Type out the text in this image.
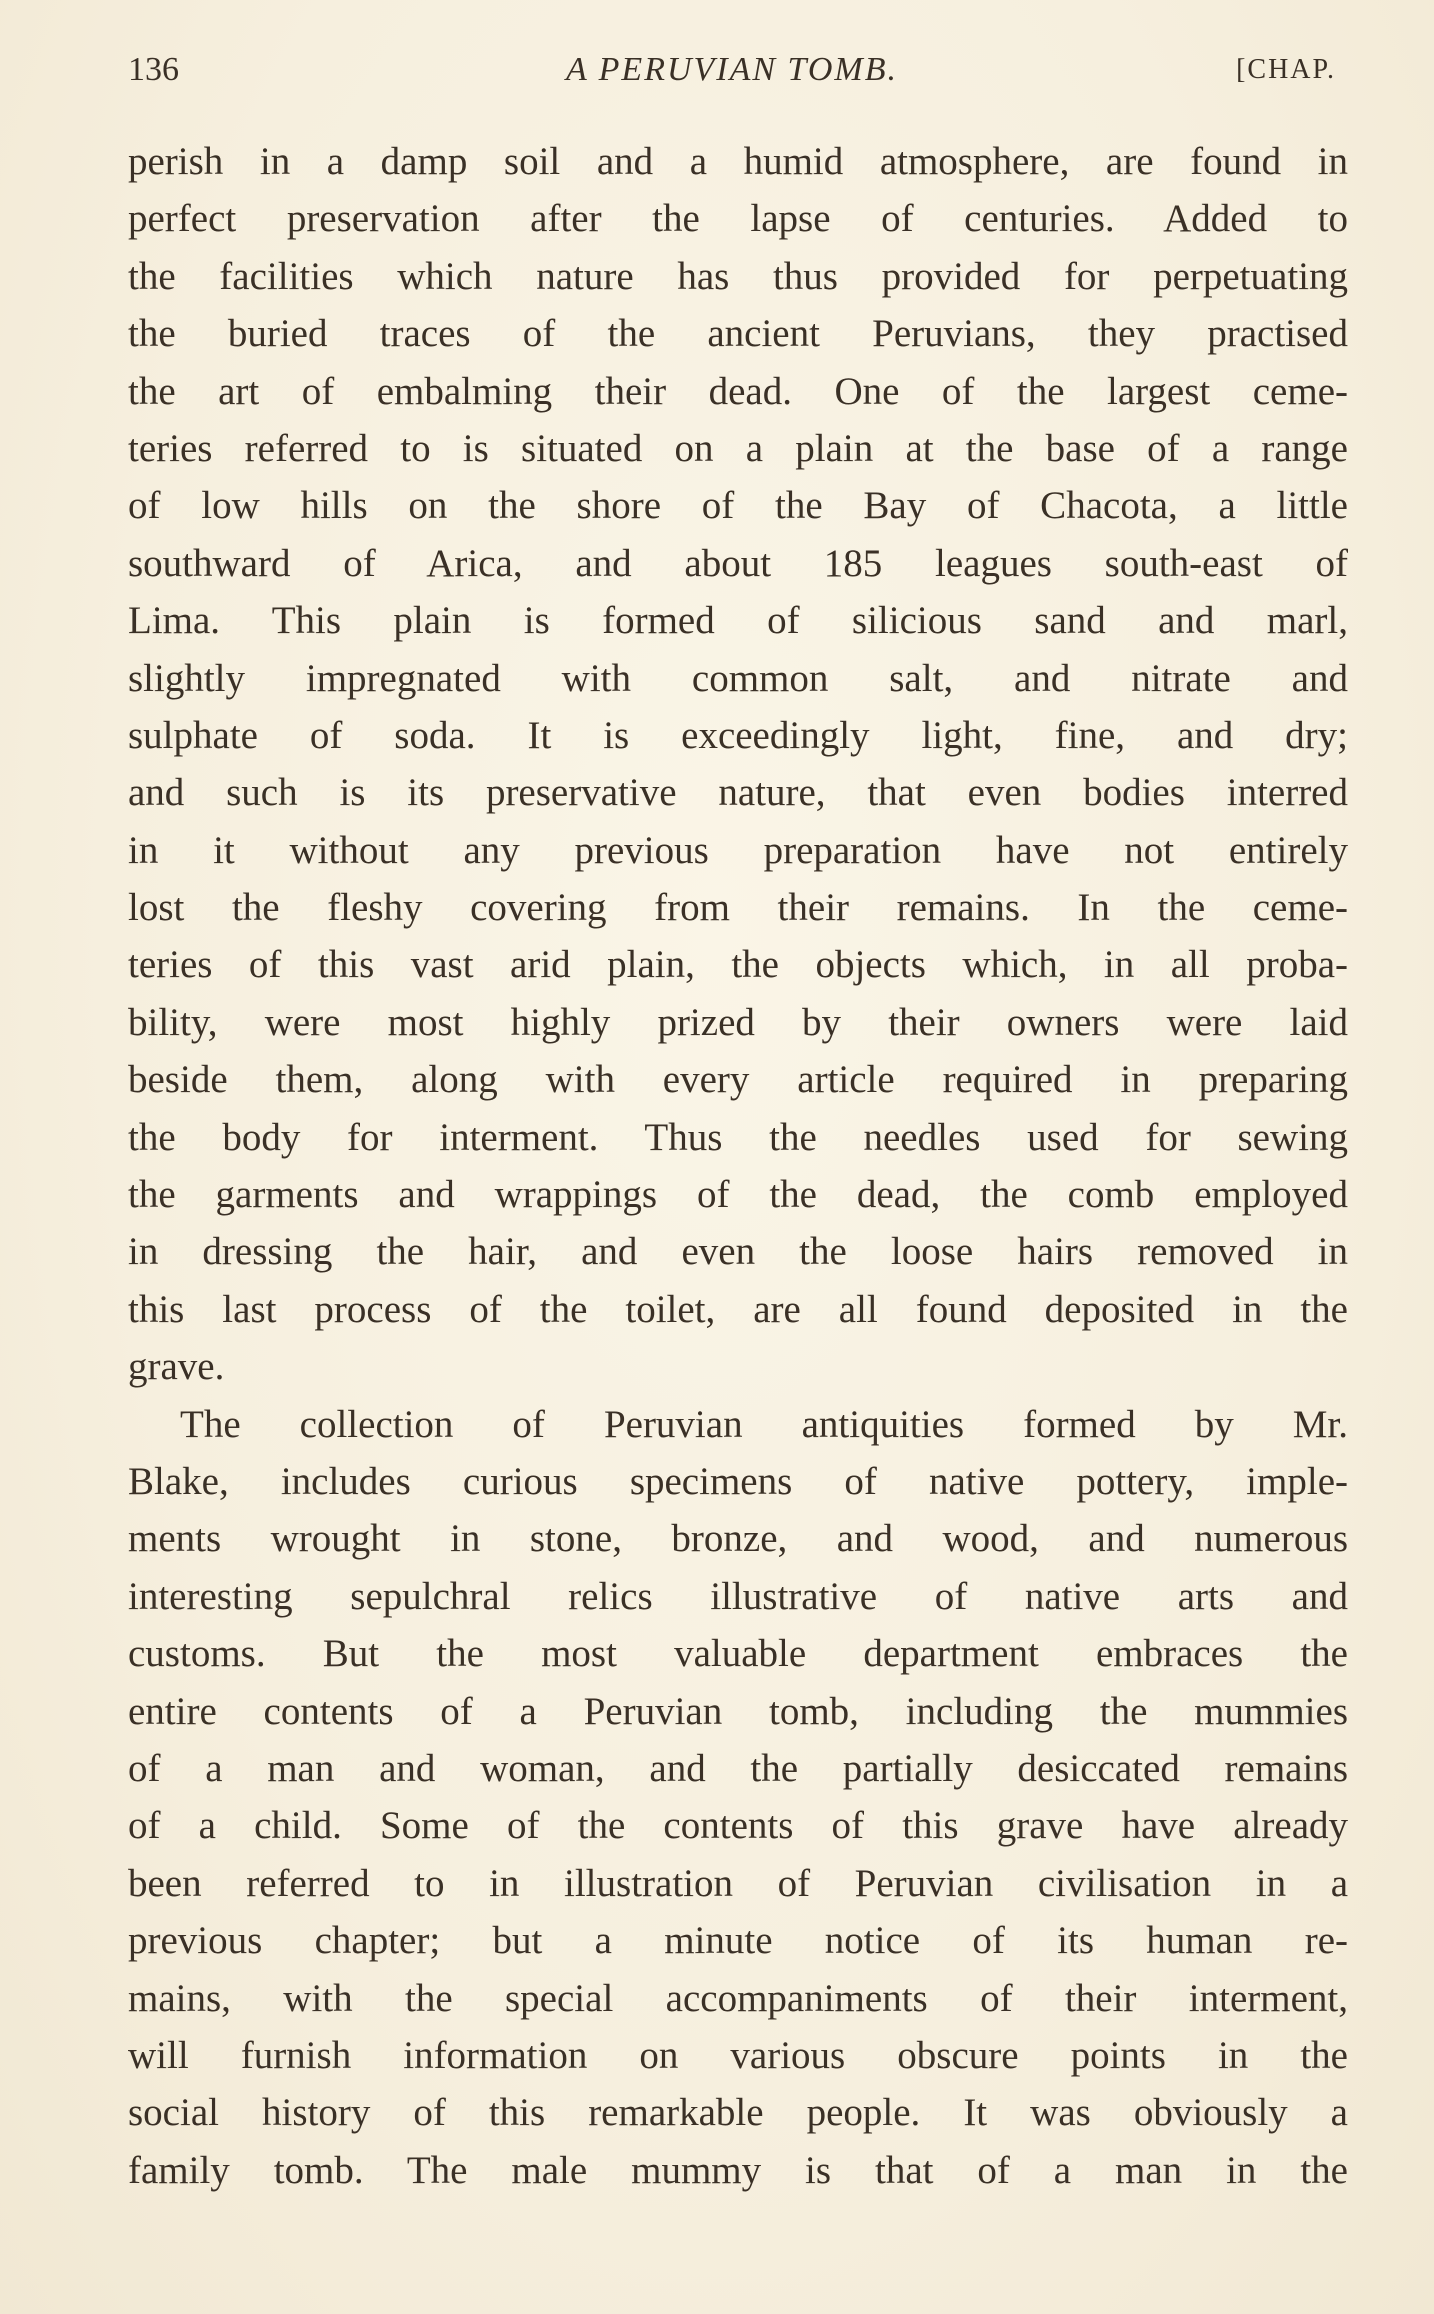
136	A PERUVIAN TOMB.	[CHAP.
perish in a damp soil and a humid atmosphere, are found in
perfect preservation after the lapse of centuries. Added to
the facilities which nature has thus provided for perpetuating
the buried traces of the ancient Peruvians, they practised
the art of embalming their dead. One of the largest ceme-
teries referred to is situated on a plain at the base of a range
of low hills on the shore of the Bay of Chacota, a little
southward of Arica, and about 185 leagues south-east of
Lima. This plain is formed of silicious sand and marl,
slightly impregnated with common salt, and nitrate and
sulphate of soda. It is exceedingly light, fine, and dry;
and such is its preservative nature, that even bodies interred
in it without any previous preparation have not entirely
lost the fleshy covering from their remains. In the ceme-
teries of this vast arid plain, the objects which, in all proba-
bility, were most highly prized by their owners were laid
beside them, along with every article required in preparing
the body for interment. Thus the needles used for sewing
the garments and wrappings of the dead, the comb employed
in dressing the hair, and even the loose hairs removed in
this last process of the toilet, are all found deposited in the
grave.
The collection of Peruvian antiquities formed by Mr.
Blake, includes curious specimens of native pottery, imple-
ments wrought in stone, bronze, and wood, and numerous
interesting sepulchral relics illustrative of native arts and
customs. But the most valuable department embraces the
entire contents of a Peruvian tomb, including the mummies
of a man and woman, and the partially desiccated remains
of a child. Some of the contents of this grave have already
been referred to in illustration of Peruvian civilisation in a
previous chapter; but a minute notice of its human re-
mains, with the special accompaniments of their interment,
will furnish information on various obscure points in the
social history of this remarkable people. It was obviously a
family tomb. The male mummy is that of a man in the
